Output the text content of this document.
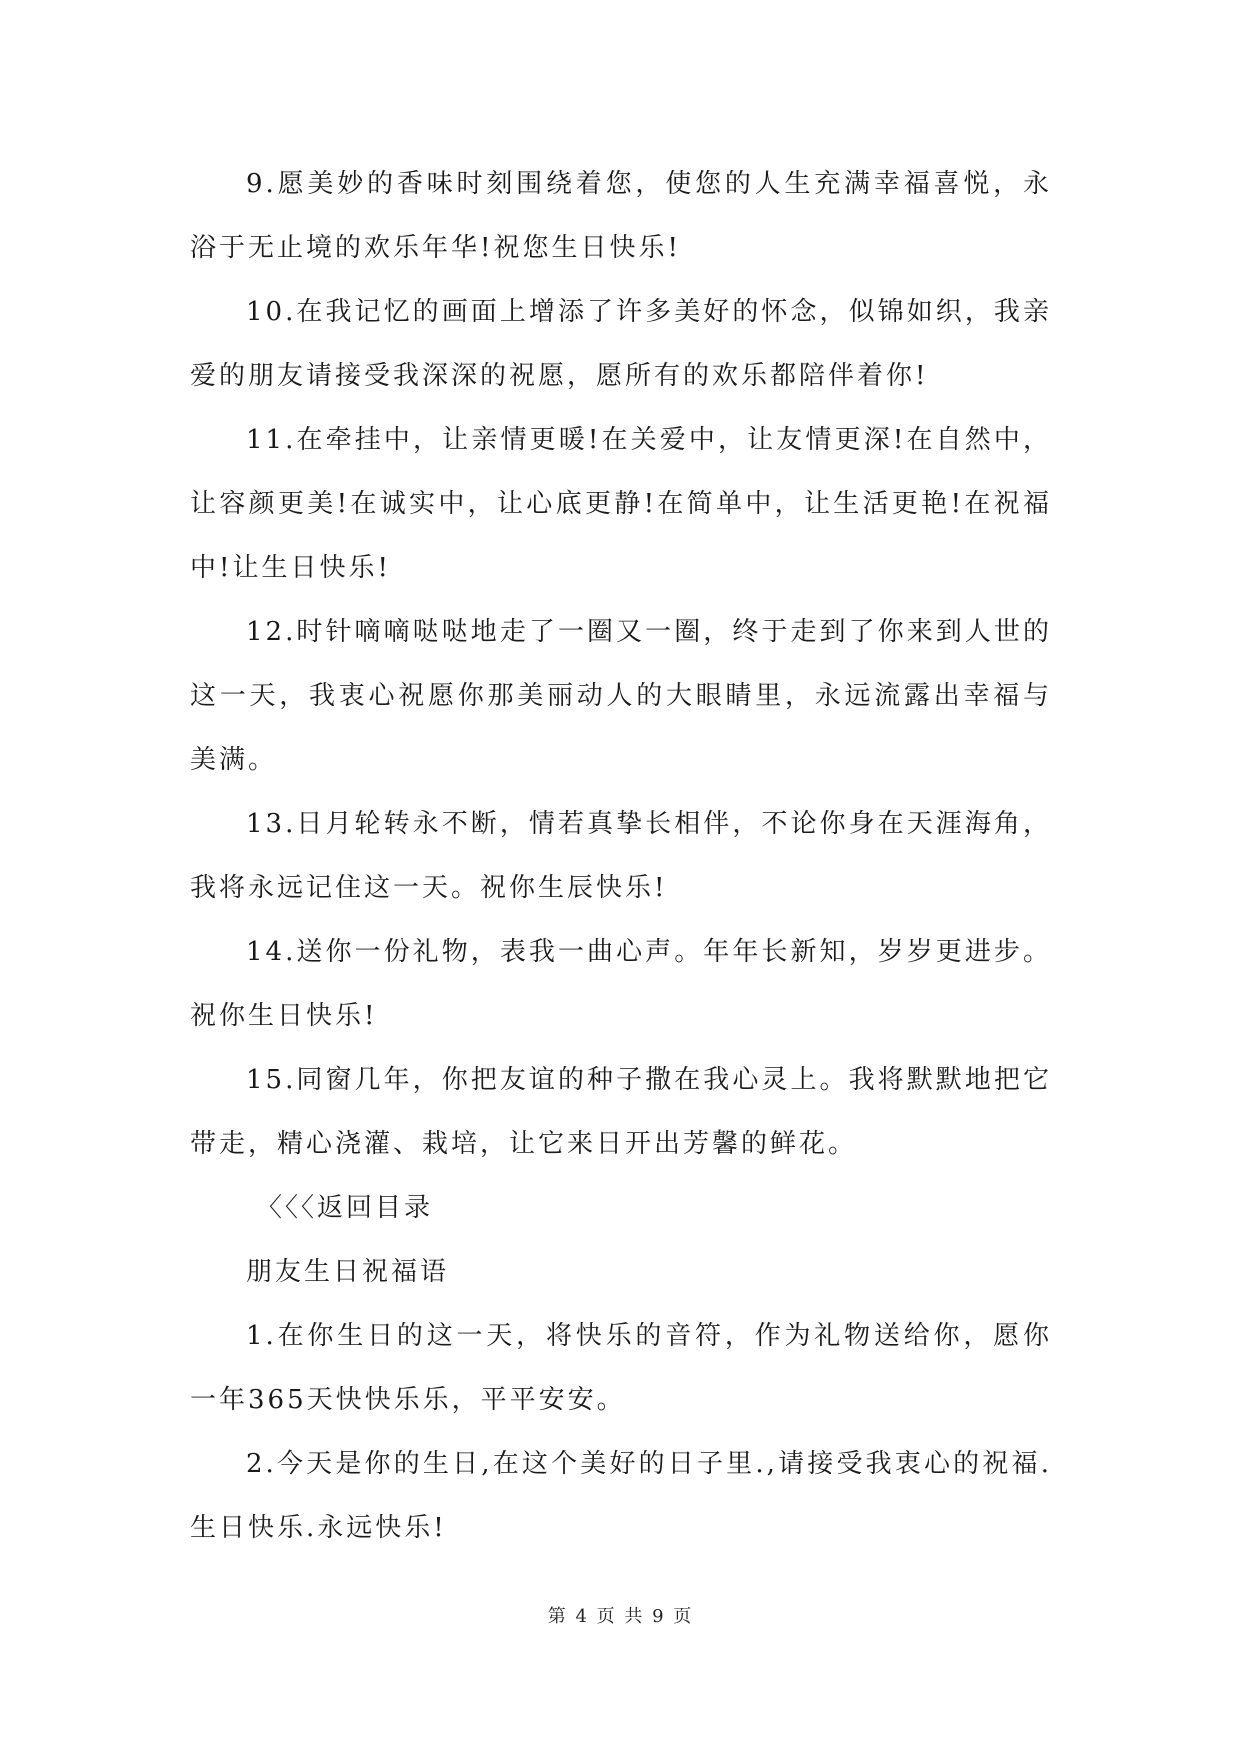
9.愿美妙的香味时刻围绕着您，使您的人生充满幸福喜悦，永浴于无止境的欢乐年华!祝您生日快乐!

10.在我记忆的画面上增添了许多美好的怀念，似锦如织，我亲爱的朋友请接受我深深的祝愿，愿所有的欢乐都陪伴着你!

11.在牵挂中，让亲情更暖!在关爱中，让友情更深!在自然中，让容颜更美!在诚实中，让心底更静!在简单中，让生活更艳!在祝福中!让生日快乐!

12.时针嘀嘀哒哒地走了一圈又一圈，终于走到了你来到人世的这一天，我衷心祝愿你那美丽动人的大眼睛里，永远流露出幸福与美满。

13.日月轮转永不断，情若真挚长相伴，不论你身在天涯海角，我将永远记住这一天。祝你生辰快乐!

14.送你一份礼物，表我一曲心声。年年长新知，岁岁更进步。祝你生日快乐!

15.同窗几年，你把友谊的种子撒在我心灵上。我将默默地把它带走，精心浇灌、栽培，让它来日开出芳馨的鲜花。

〈〈〈返回目录

朋友生日祝福语

1.在你生日的这一天，将快乐的音符，作为礼物送给你，愿你一年365天快快乐乐，平平安安。

2.今天是你的生日,在这个美好的日子里.,请接受我衷心的祝福.生日快乐.永远快乐!

第 4 页 共 9 页
